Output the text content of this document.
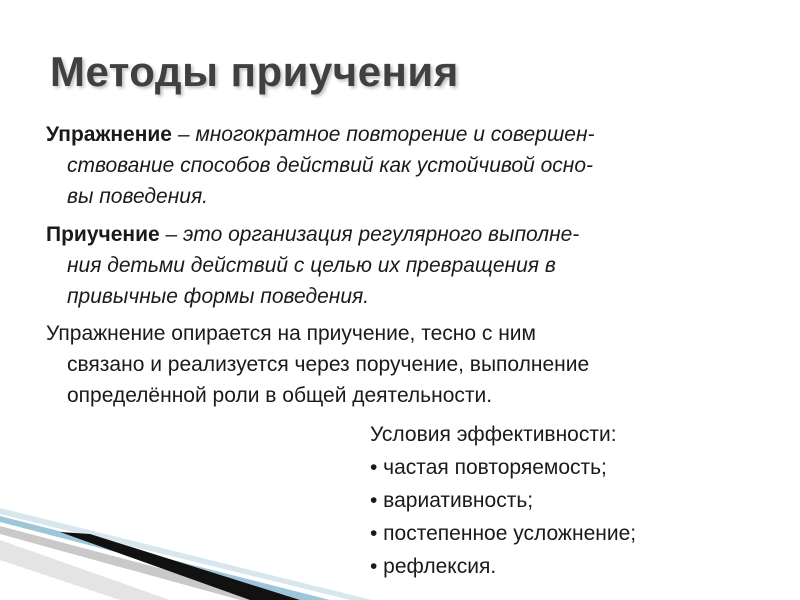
Методы приучения
Упражнение – многократное повторение и совершен-
ствование способов действий как устойчивой осно-
вы поведения.
Приучение – это организация регулярного выполне-
ния детьми действий с целью их превращения в
привычные формы поведения.
Упражнение опирается на приучение, тесно с ним
связано и реализуется через поручение, выполнение
определённой роли в общей деятельности.
Условия эффективности:
• частая повторяемость;
• вариативность;
• постепенное усложнение;
• рефлексия.
